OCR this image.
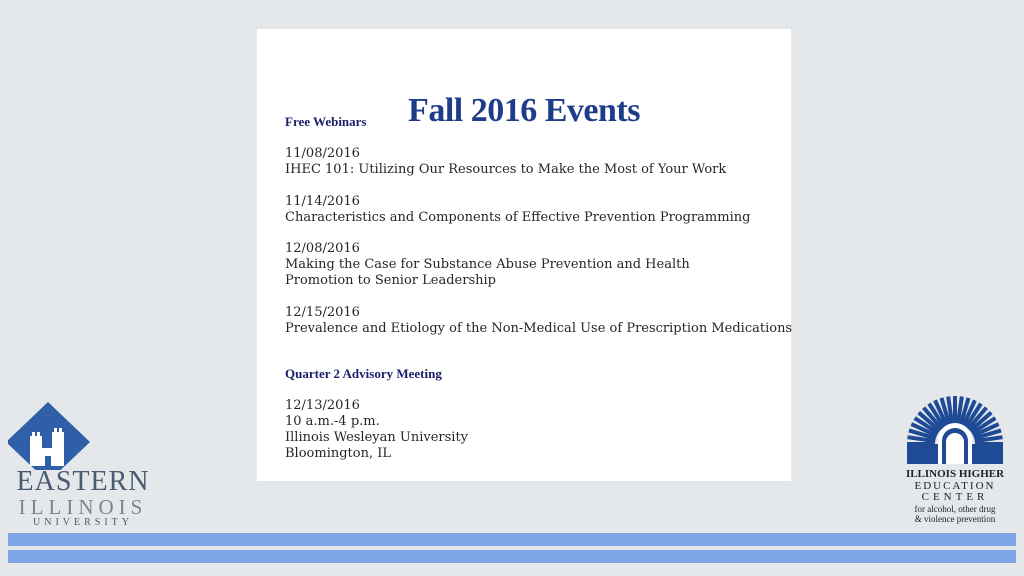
Fall 2016 Events

Free Webinars

11/08/2016
IHEC 101: Utilizing Our Resources to Make the Most of Your Work
11/14/2016
Characteristics and Components of Effective Prevention Programming
12/08/2016
Making the Case for Substance Abuse Prevention and Health Promotion to Senior Leadership
12/15/2016
Prevalence and Etiology of the Non-Medical Use of Prescription Medications

Quarter 2 Advisory Meeting

12/13/2016
10 a.m.-4 p.m.
Illinois Wesleyan University
Bloomington, IL
EASTERN
ILLINOIS
UNIVERSITY
ILLINOIS HIGHER
EDUCATION
CENTER
for alcohol, other drug
& violence prevention
